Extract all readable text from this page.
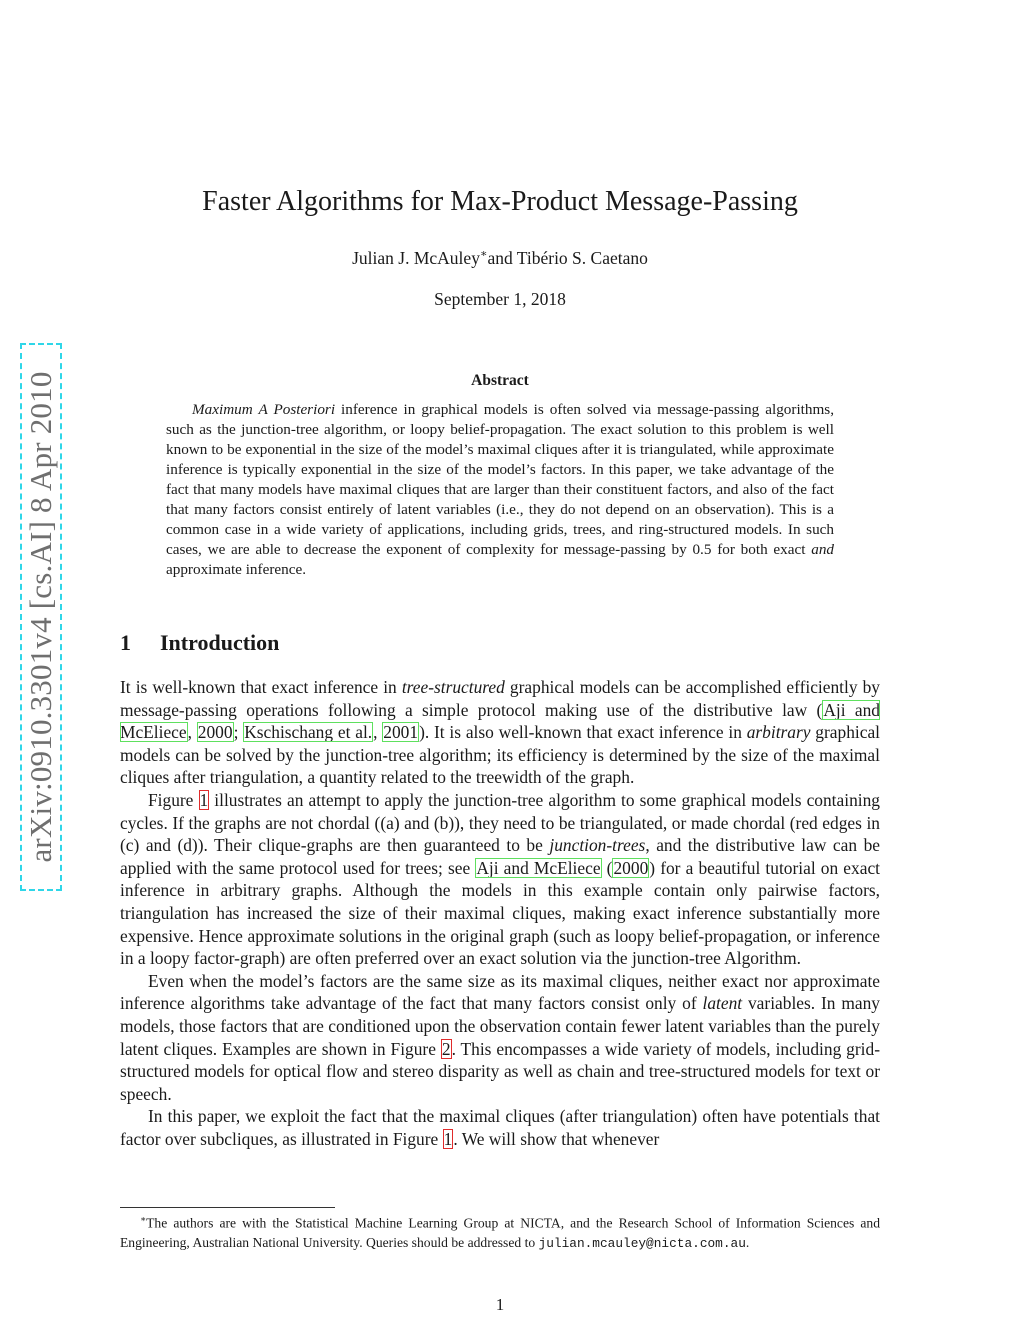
arXiv:0910.3301v4 [cs.AI] 8 Apr 2010
Faster Algorithms for Max-Product Message-Passing
Julian J. McAuley∗and Tibério S. Caetano
September 1, 2018
Abstract
Maximum A Posteriori inference in graphical models is often solved via message-passing algorithms, such as the junction-tree algorithm, or loopy belief-propagation. The exact solution to this problem is well known to be exponential in the size of the model’s maximal cliques after it is triangulated, while approximate inference is typically exponential in the size of the model’s factors. In this paper, we take advantage of the fact that many models have maximal cliques that are larger than their constituent factors, and also of the fact that many factors consist entirely of latent variables (i.e., they do not depend on an observation). This is a common case in a wide variety of applications, including grids, trees, and ring-structured models. In such cases, we are able to decrease the exponent of complexity for message-passing by 0.5 for both exact and approximate inference.
1 Introduction

It is well-known that exact inference in tree-structured graphical models can be accomplished efficiently by message-passing operations following a simple protocol making use of the distributive law (Aji and McEliece, 2000; Kschischang et al., 2001). It is also well-known that exact inference in arbitrary graphical models can be solved by the junction-tree algorithm; its efficiency is determined by the size of the maximal cliques after triangulation, a quantity related to the treewidth of the graph.

Figure 1 illustrates an attempt to apply the junction-tree algorithm to some graphical models containing cycles. If the graphs are not chordal ((a) and (b)), they need to be triangulated, or made chordal (red edges in (c) and (d)). Their clique-graphs are then guaranteed to be junction-trees, and the distributive law can be applied with the same protocol used for trees; see Aji and McEliece (2000) for a beautiful tutorial on exact inference in arbitrary graphs. Although the models in this example contain only pairwise factors, triangulation has increased the size of their maximal cliques, making exact inference substantially more expensive. Hence approximate solutions in the original graph (such as loopy belief-propagation, or inference in a loopy factor-graph) are often preferred over an exact solution via the junction-tree Algorithm.

Even when the model’s factors are the same size as its maximal cliques, neither exact nor approximate inference algorithms take advantage of the fact that many factors consist only of latent variables. In many models, those factors that are conditioned upon the observation contain fewer latent variables than the purely latent cliques. Examples are shown in Figure 2. This encompasses a wide variety of models, including grid-structured models for optical flow and stereo disparity as well as chain and tree-structured models for text or speech.

In this paper, we exploit the fact that the maximal cliques (after triangulation) often have potentials that factor over subcliques, as illustrated in Figure 1. We will show that whenever

∗The authors are with the Statistical Machine Learning Group at NICTA, and the Research School of Information Sciences and Engineering, Australian National University. Queries should be addressed to julian.mcauley@nicta.com.au.
1
